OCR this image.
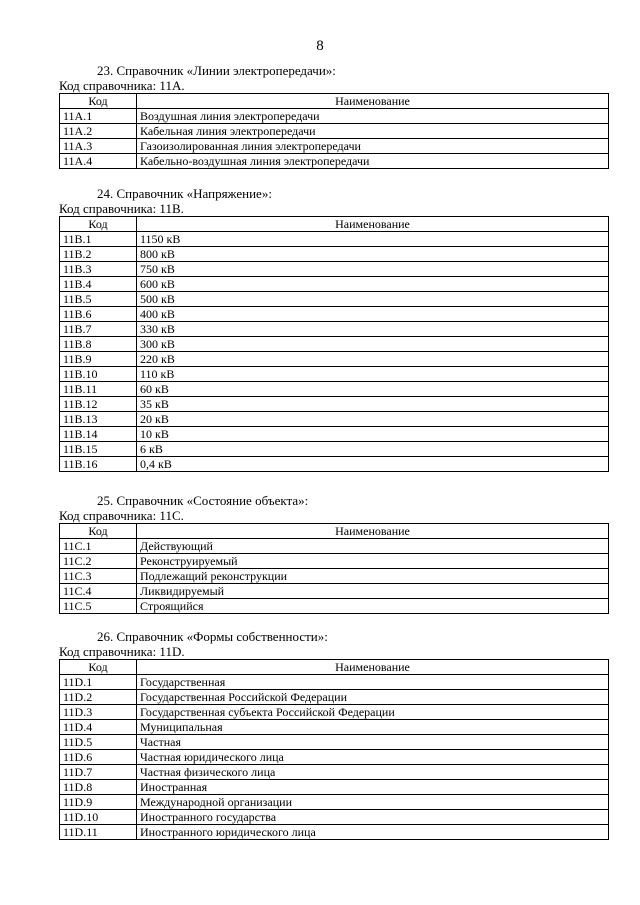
8
23. Справочник «Линии электропередачи»:
Код справочника: 11А.
Код	Наименование
11А.1	Воздушная линия электропередачи
11А.2	Кабельная линия электропередачи
11А.3	Газоизолированная линия электропередачи
11А.4	Кабельно-воздушная линия электропередачи
24. Справочник «Напряжение»:
Код справочника: 11В.
Код	Наименование
11В.1	1150 кВ
11В.2	800 кВ
11В.3	750 кВ
11В.4	600 кВ
11В.5	500 кВ
11В.6	400 кВ
11В.7	330 кВ
11В.8	300 кВ
11В.9	220 кВ
11В.10	110 кВ
11В.11	60 кВ
11В.12	35 кВ
11В.13	20 кВ
11В.14	10 кВ
11В.15	6 кВ
11В.16	0,4 кВ
25. Справочник «Состояние объекта»:
Код справочника: 11С.
Код	Наименование
11С.1	Действующий
11С.2	Реконструируемый
11С.3	Подлежащий реконструкции
11С.4	Ликвидируемый
11С.5	Строящийся
26. Справочник «Формы собственности»:
Код справочника: 11D.
Код	Наименование
11D.1	Государственная
11D.2	Государственная Российской Федерации
11D.3	Государственная субъекта Российской Федерации
11D.4	Муниципальная
11D.5	Частная
11D.6	Частная юридического лица
11D.7	Частная физического лица
11D.8	Иностранная
11D.9	Международной организации
11D.10	Иностранного государства
11D.11	Иностранного юридического лица
